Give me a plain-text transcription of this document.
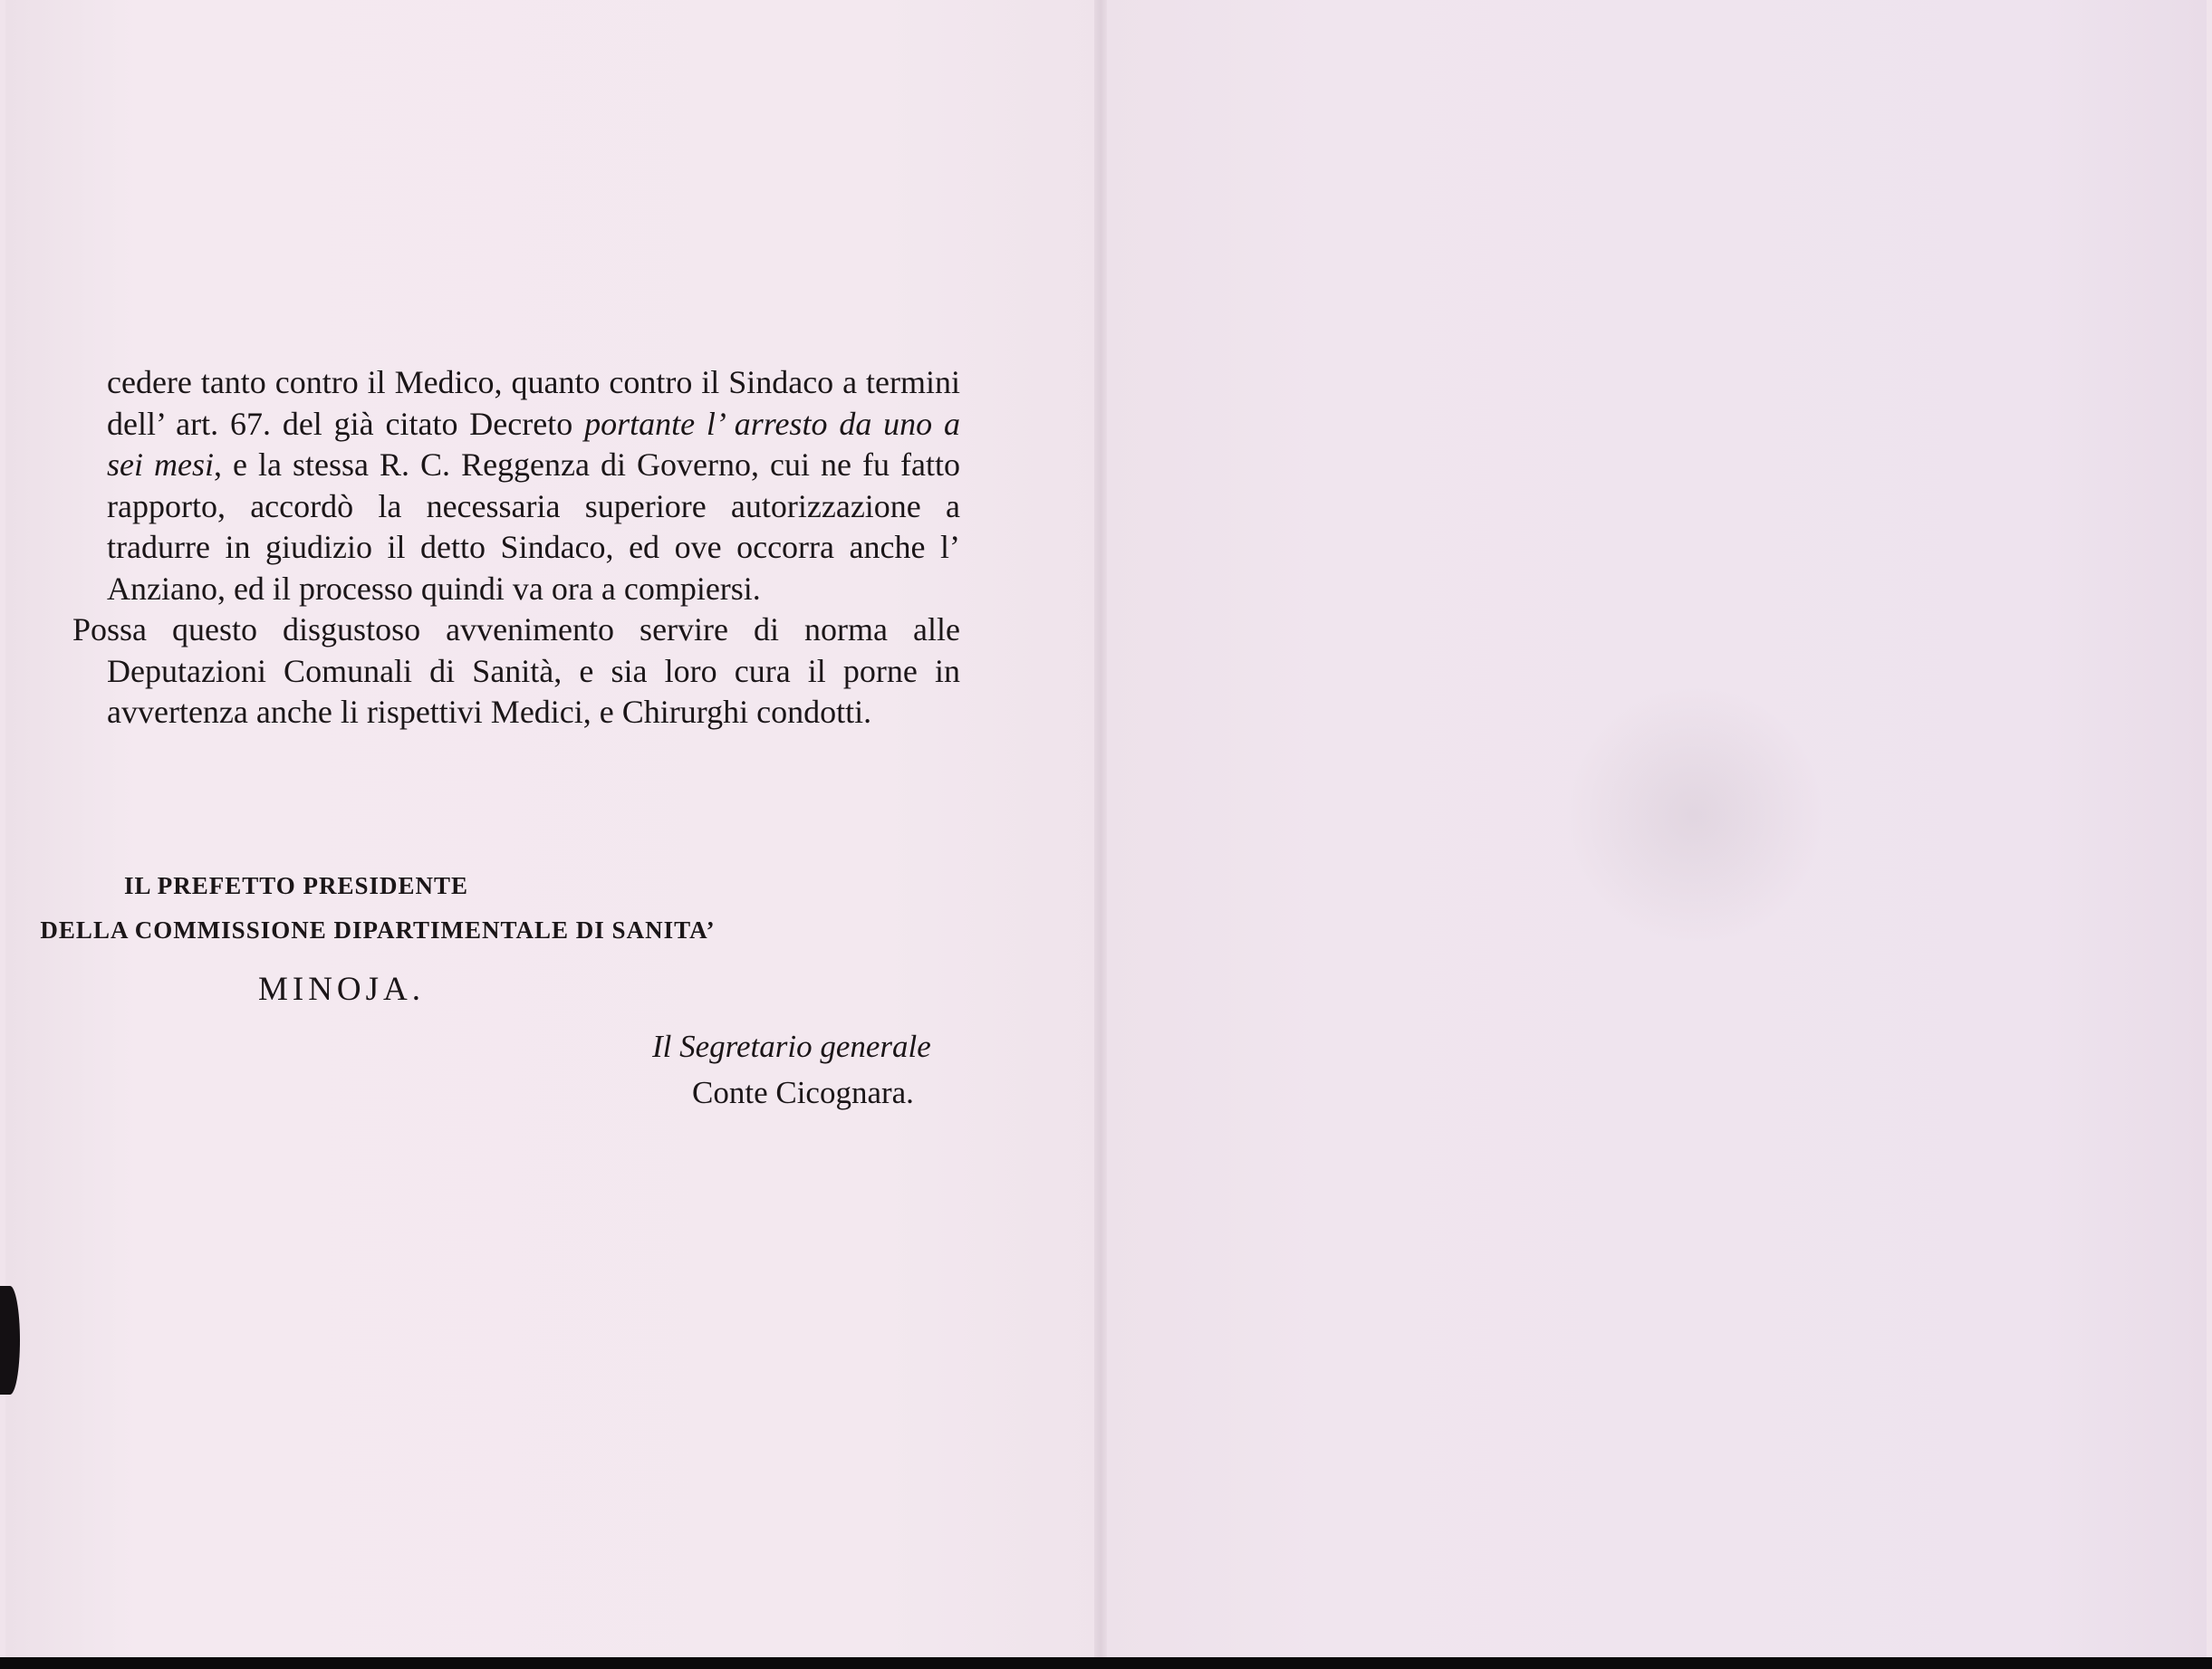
cedere tanto contro il Medico, quanto contro il Sindaco a termini dell’ art. 67. del già citato Decreto portante l’ arresto da uno a sei mesi, e la stessa R. C. Reggenza di Governo, cui ne fu fatto rapporto, accordò la necessaria superiore autorizzazione a tradurre in giudizio il detto Sindaco, ed ove occorra anche l’ Anziano, ed il processo quindi va ora a compiersi.

Possa questo disgustoso avvenimento servire di norma alle Deputazioni Comunali di Sanità, e sia loro cura il porne in avvertenza anche li rispettivi Medici, e Chirurghi condotti.

IL PREFETTO PRESIDENTE
DELLA COMMISSIONE DIPARTIMENTALE DI SANITA’
MINOJA.
Il Segretario generale
Conte Cicognara.
